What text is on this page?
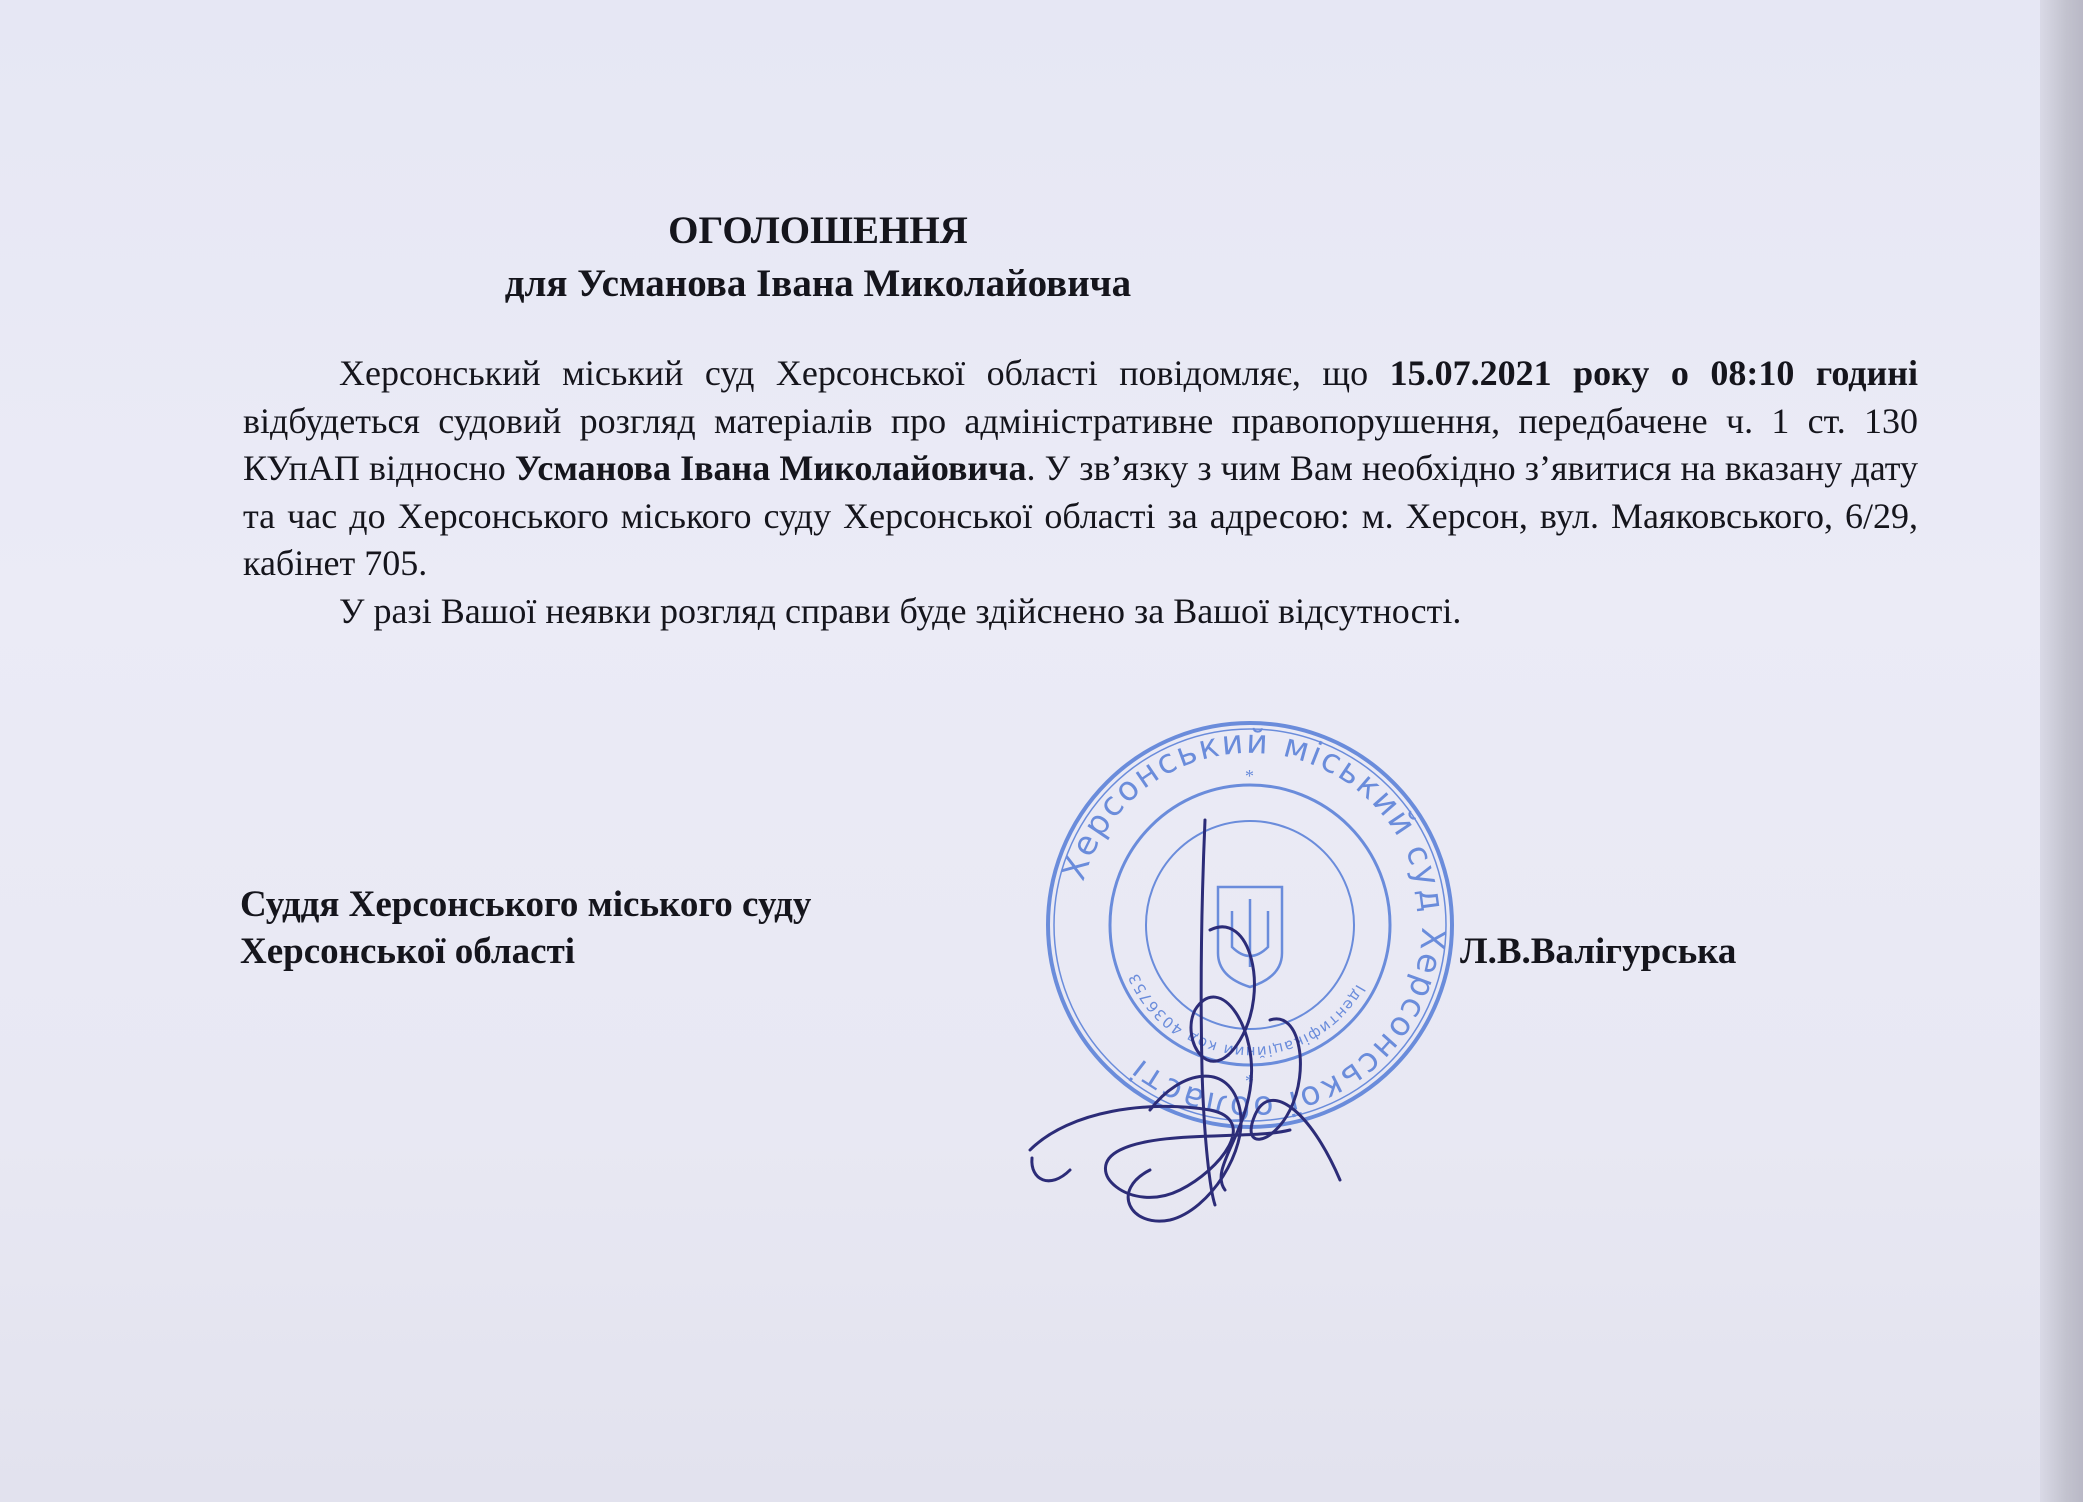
ОГОЛОШЕННЯ
для Усманова Івана Миколайовича

Херсонський міський суд Херсонської області повідомляє, що 15.07.2021 року о 08:10 годині відбудеться судовий розгляд матеріалів про адміністративне правопорушення, передбачене ч. 1 ст. 130 КУпАП відносно Усманова Івана Миколайовича. У зв’язку з чим Вам необхідно з’явитися на вказану дату та час до Херсонського міського суду Херсонської області за адресою: м. Херсон, вул. Маяковського, 6/29, кабінет 705.

У разі Вашої неявки розгляд справи буде здійснено за Вашої відсутності.

Суддя Херсонського міського суду
Херсонської області	Л.В.Валігурська
Херсонський міський суд Херсонської області
Ідентифікаційний код 4036753
*
*
